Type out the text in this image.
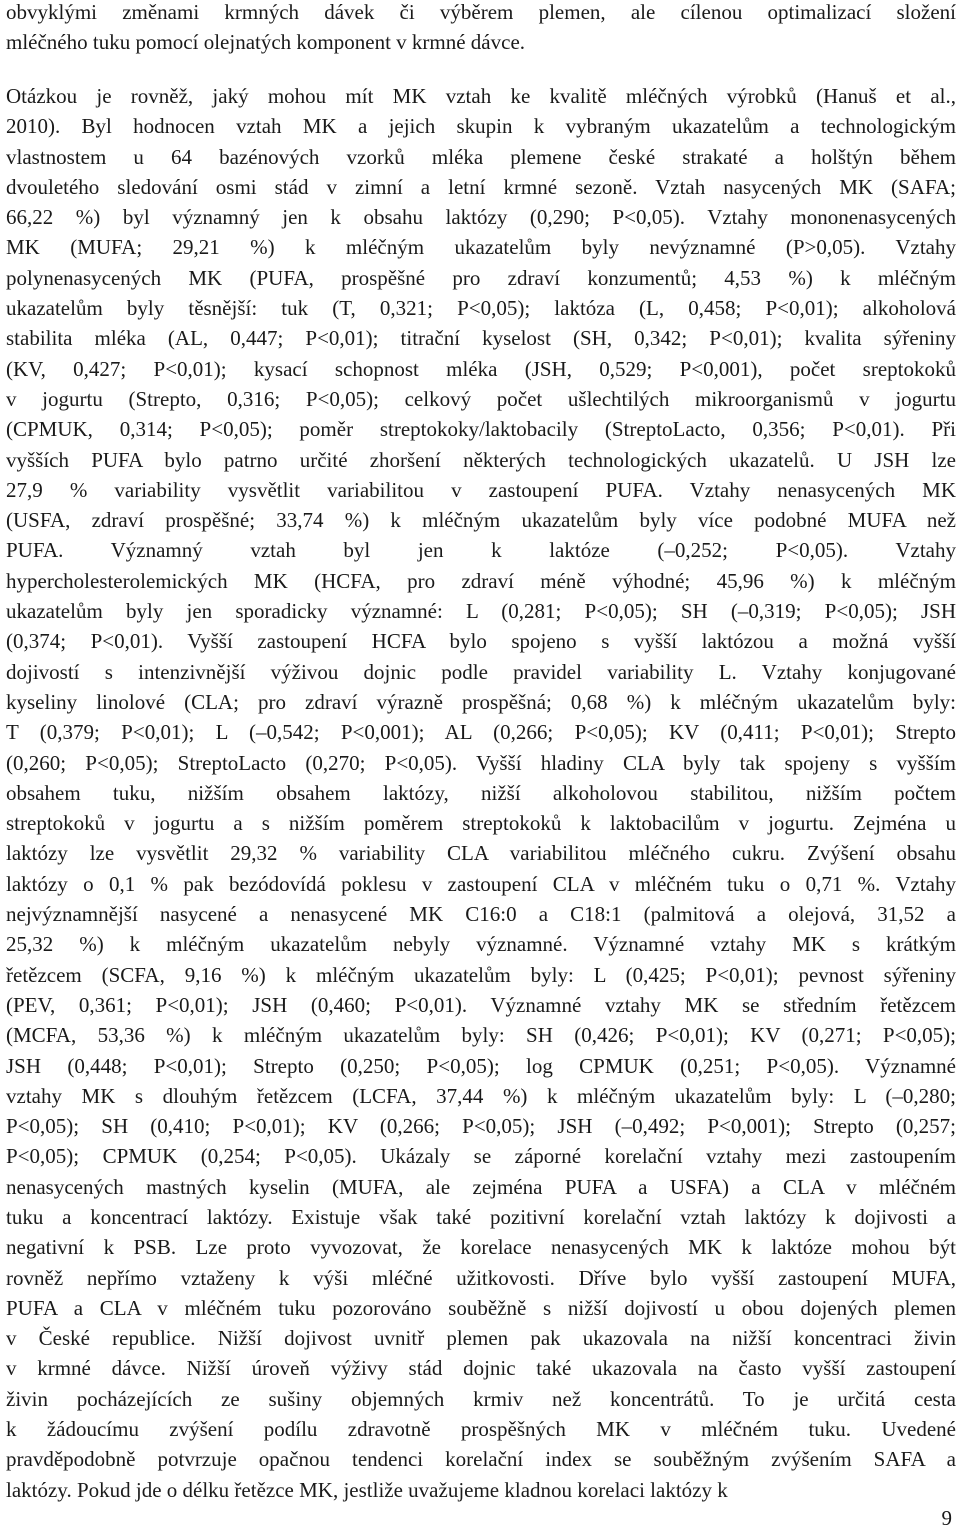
obvyklými změnami krmných dávek či výběrem plemen, ale cílenou optimalizací složení
mléčného tuku pomocí olejnatých komponent v krmné dávce.
Otázkou je rovněž, jaký mohou mít MK vztah ke kvalitě mléčných výrobků (Hanuš et al.,
2010). Byl hodnocen vztah MK a jejich skupin k vybraným ukazatelům a technologickým
vlastnostem u 64 bazénových vzorků mléka plemene české strakaté a holštýn během
dvouletého sledování osmi stád v zimní a letní krmné sezoně. Vztah nasycených MK (SAFA;
66,22 %) byl významný jen k obsahu laktózy (0,290; P<0,05). Vztahy mononenasycených
MK (MUFA; 29,21 %) k mléčným ukazatelům byly nevýznamné (P>0,05). Vztahy
polynenasycených MK (PUFA, prospěšné pro zdraví konzumentů; 4,53 %) k mléčným
ukazatelům byly těsnější: tuk (T, 0,321; P<0,05); laktóza (L, 0,458; P<0,01); alkoholová
stabilita mléka (AL, 0,447; P<0,01); titrační kyselost (SH, 0,342; P<0,01); kvalita sýřeniny
(KV, 0,427; P<0,01); kysací schopnost mléka (JSH, 0,529; P<0,001), počet sreptokoků
v jogurtu (Strepto, 0,316; P<0,05); celkový počet ušlechtilých mikroorganismů v jogurtu
(CPMUK, 0,314; P<0,05); poměr streptokoky/laktobacily (StreptoLacto, 0,356; P<0,01). Při
vyšších PUFA bylo patrno určité zhoršení některých technologických ukazatelů. U JSH lze
27,9 % variability vysvětlit variabilitou v zastoupení PUFA. Vztahy nenasycených MK
(USFA, zdraví prospěšné; 33,74 %) k mléčným ukazatelům byly více podobné MUFA než
PUFA. Významný vztah byl jen k laktóze (–0,252; P<0,05). Vztahy
hypercholesterolemických MK (HCFA, pro zdraví méně výhodné; 45,96 %) k mléčným
ukazatelům byly jen sporadicky významné: L (0,281; P<0,05); SH (–0,319; P<0,05); JSH
(0,374; P<0,01). Vyšší zastoupení HCFA bylo spojeno s vyšší laktózou a možná vyšší
dojivostí s intenzivnější výživou dojnic podle pravidel variability L. Vztahy konjugované
kyseliny linolové (CLA; pro zdraví výrazně prospěšná; 0,68 %) k mléčným ukazatelům byly:
T (0,379; P<0,01); L (–0,542; P<0,001); AL (0,266; P<0,05); KV (0,411; P<0,01); Strepto
(0,260; P<0,05); StreptoLacto (0,270; P<0,05). Vyšší hladiny CLA byly tak spojeny s vyšším
obsahem tuku, nižším obsahem laktózy, nižší alkoholovou stabilitou, nižším počtem
streptokoků v jogurtu a s nižším poměrem streptokoků k laktobacilům v jogurtu. Zejména u
laktózy lze vysvětlit 29,32 % variability CLA variabilitou mléčného cukru. Zvýšení obsahu
laktózy o 0,1 % pak bezódovídá poklesu v zastoupení CLA v mléčném tuku o 0,71 %. Vztahy
nejvýznamnější nasycené a nenasycené MK C16:0 a C18:1 (palmitová a olejová, 31,52 a
25,32 %) k mléčným ukazatelům nebyly významné. Významné vztahy MK s krátkým
řetězcem (SCFA, 9,16 %) k mléčným ukazatelům byly: L (0,425; P<0,01); pevnost sýřeniny
(PEV, 0,361; P<0,01); JSH (0,460; P<0,01). Významné vztahy MK se středním řetězcem
(MCFA, 53,36 %) k mléčným ukazatelům byly: SH (0,426; P<0,01); KV (0,271; P<0,05);
JSH (0,448; P<0,01); Strepto (0,250; P<0,05); log CPMUK (0,251; P<0,05). Významné
vztahy MK s dlouhým řetězcem (LCFA, 37,44 %) k mléčným ukazatelům byly: L (–0,280;
P<0,05); SH (0,410; P<0,01); KV (0,266; P<0,05); JSH (–0,492; P<0,001); Strepto (0,257;
P<0,05); CPMUK (0,254; P<0,05). Ukázaly se záporné korelační vztahy mezi zastoupením
nenasycených mastných kyselin (MUFA, ale zejména PUFA a USFA) a CLA v mléčném
tuku a koncentrací laktózy. Existuje však také pozitivní korelační vztah laktózy k dojivosti a
negativní k PSB. Lze proto vyvozovat, že korelace nenasycených MK k laktóze mohou být
rovněž nepřímo vztaženy k výši mléčné užitkovosti. Dříve bylo vyšší zastoupení MUFA,
PUFA a CLA v mléčném tuku pozorováno souběžně s nižší dojivostí u obou dojených plemen
v České republice. Nižší dojivost uvnitř plemen pak ukazovala na nižší koncentraci živin
v krmné dávce. Nižší úroveň výživy stád dojnic také ukazovala na často vyšší zastoupení
živin pocházejících ze sušiny objemných krmiv než koncentrátů. To je určitá cesta
k žádoucímu zvýšení podílu zdravotně prospěšných MK v mléčném tuku. Uvedené
pravděpodobně potvrzuje opačnou tendenci korelační index se souběžným zvýšením SAFA a
laktózy. Pokud jde o délku řetězce MK, jestliže uvažujeme kladnou korelaci laktózy k
9
